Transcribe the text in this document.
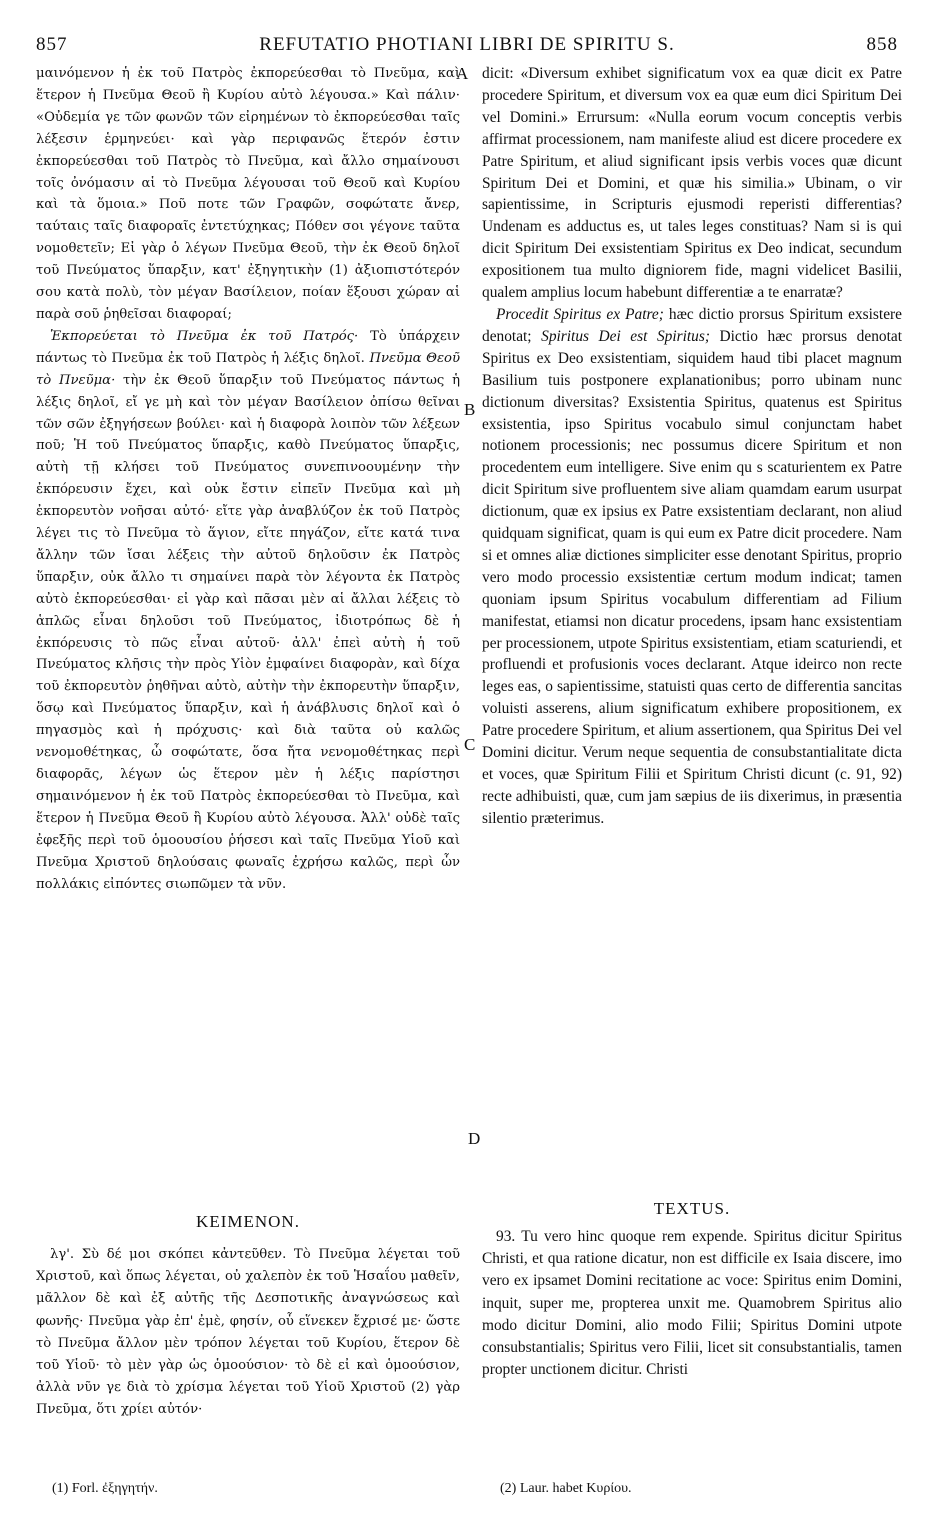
857	REFUTATIO PHOTIANI LIBRI DE SPIRITU S.	858
A
B
C
D

μαινόμενον ἡ ἐκ τοῦ Πατρὸς ἐκπορεύεσθαι τὸ Πνεῦμα, καὶ ἕτερον ἡ Πνεῦμα Θεοῦ ἢ Κυρίου αὐτὸ λέγουσα.» Καὶ πάλιν· «Οὐδεμία γε τῶν φωνῶν τῶν εἰρημένων τὸ ἐκπορεύεσθαι ταῖς λέξεσιν ἑρμηνεύει· καὶ γὰρ περιφανῶς ἕτερόν ἐστιν ἐκπορεύεσθαι τοῦ Πατρὸς τὸ Πνεῦμα, καὶ ἄλλο σημαίνουσι τοῖς ὀνόμασιν αἱ τὸ Πνεῦμα λέγουσαι τοῦ Θεοῦ καὶ Κυρίου καὶ τὰ ὅμοια.» Ποῦ ποτε τῶν Γραφῶν, σοφώτατε ἄνερ, ταύταις ταῖς διαφοραῖς ἐντετύχηκας; Πόθεν σοι γέγονε ταῦτα νομοθετεῖν; Εἰ γὰρ ὁ λέγων Πνεῦμα Θεοῦ, τὴν ἐκ Θεοῦ δηλοῖ τοῦ Πνεύματος ὕπαρξιν, κατ' ἐξηγητικὴν (1) ἀξιοπιστότερόν σου κατὰ πολὺ, τὸν μέγαν Βασίλειον, ποίαν ἕξουσι χώραν αἱ παρὰ σοῦ ῥηθεῖσαι διαφοραί;

Ἐκπορεύεται τὸ Πνεῦμα ἐκ τοῦ Πατρός· Τὸ ὑπάρχειν πάντως τὸ Πνεῦμα ἐκ τοῦ Πατρὸς ἡ λέξις δηλοῖ. Πνεῦμα Θεοῦ τὸ Πνεῦμα· τὴν ἐκ Θεοῦ ὕπαρξιν τοῦ Πνεύματος πάντως ἡ λέξις δηλοῖ, εἴ γε μὴ καὶ τὸν μέγαν Βασίλειον ὀπίσω θεῖναι τῶν σῶν ἐξηγήσεων βούλει· καὶ ἡ διαφορὰ λοιπὸν τῶν λέξεων ποῦ; Ἡ τοῦ Πνεύματος ὕπαρξις, καθὸ Πνεύματος ὕπαρξις, αὐτὴ τῇ κλήσει τοῦ Πνεύματος συνεπινοουμένην τὴν ἐκπόρευσιν ἔχει, καὶ οὐκ ἔστιν εἰπεῖν Πνεῦμα καὶ μὴ ἐκπορευτὸν νοῆσαι αὐτό· εἴτε γὰρ ἀναβλύζον ἐκ τοῦ Πατρὸς λέγει τις τὸ Πνεῦμα τὸ ἅγιον, εἴτε πηγάζον, εἴτε κατά τινα ἄλλην τῶν ἴσαι λέξεις τὴν αὐτοῦ δηλοῦσιν ἐκ Πατρὸς ὕπαρξιν, οὐκ ἄλλο τι σημαίνει παρὰ τὸν λέγοντα ἐκ Πατρὸς αὐτὸ ἐκπορεύεσθαι· εἰ γὰρ καὶ πᾶσαι μὲν αἱ ἄλλαι λέξεις τὸ ἁπλῶς εἶναι δηλοῦσι τοῦ Πνεύματος, ἰδιοτρόπως δὲ ἡ ἐκπόρευσις τὸ πῶς εἶναι αὐτοῦ· ἀλλ' ἐπεὶ αὐτὴ ἡ τοῦ Πνεύματος κλῆσις τὴν πρὸς Υἱὸν ἐμφαίνει διαφορὰν, καὶ δίχα τοῦ ἐκπορευτὸν ῥηθῆναι αὐτὸ, αὐτὴν τὴν ἐκπορευτὴν ὕπαρξιν, ὅσῳ καὶ Πνεύματος ὕπαρξιν, καὶ ἡ ἀνάβλυσις δηλοῖ καὶ ὁ πηγασμὸς καὶ ἡ πρόχυσις· καὶ διὰ ταῦτα οὐ καλῶς νενομοθέτηκας, ὦ σοφώτατε, ὅσα ἤτα νενομοθέτηκας περὶ διαφορᾶς, λέγων ὡς ἕτερον μὲν ἡ λέξις παρίστησι σημαινόμενον ἡ ἐκ τοῦ Πατρὸς ἐκπορεύεσθαι τὸ Πνεῦμα, καὶ ἕτερον ἡ Πνεῦμα Θεοῦ ἢ Κυρίου αὐτὸ λέγουσα. Ἀλλ' οὐδὲ ταῖς ἐφεξῆς περὶ τοῦ ὁμοουσίου ῥήσεσι καὶ ταῖς Πνεῦμα Υἱοῦ καὶ Πνεῦμα Χριστοῦ δηλούσαις φωναῖς ἐχρήσω καλῶς, περὶ ὧν πολλάκις εἰπόντες σιωπῶμεν τὰ νῦν.

dicit: «Diversum exhibet significatum vox ea quæ dicit ex Patre procedere Spiritum, et diversum vox ea quæ eum dici Spiritum Dei vel Domini.» Errursum: «Nulla eorum vocum conceptis verbis affirmat processionem, nam manifeste aliud est dicere procedere ex Patre Spiritum, et aliud significant ipsis verbis voces quæ dicunt Spiritum Dei et Domini, et quæ his similia.» Ubinam, o vir sapientissime, in Scripturis ejusmodi reperisti differentias? Undenam es adductus es, ut tales leges constituas? Nam si is qui dicit Spiritum Dei exsistentiam Spiritus ex Deo indicat, secundum expositionem tua multo digniorem fide, magni videlicet Basilii, qualem amplius locum habebunt differentiæ a te enarratæ?

Procedit Spiritus ex Patre; hæc dictio prorsus Spiritum exsistere denotat; Spiritus Dei est Spiritus; Dictio hæc prorsus denotat Spiritus ex Deo exsistentiam, siquidem haud tibi placet magnum Basilium tuis postponere explanationibus; porro ubinam nunc dictionum diversitas? Exsistentia Spiritus, quatenus est Spiritus exsistentia, ipso Spiritus vocabulo simul conjunctam habet notionem processionis; nec possumus dicere Spiritum et non procedentem eum intelligere. Sive enim qu s scaturientem ex Patre dicit Spiritum sive profluentem sive aliam quamdam earum usurpat dictionum, quæ ex ipsius ex Patre exsistentiam declarant, non aliud quidquam significat, quam is qui eum ex Patre dicit procedere. Nam si et omnes aliæ dictiones simpliciter esse denotant Spiritus, proprio vero modo processio exsistentiæ certum modum indicat; tamen quoniam ipsum Spiritus vocabulum differentiam ad Filium manifestat, etiamsi non dicatur procedens, ipsam hanc exsistentiam per processionem, utpote Spiritus exsistentiam, etiam scaturiendi, et profluendi et profusionis voces declarant. Atque ideirco non recte leges eas, o sapientissime, statuisti quas certo de differentia sancitas voluisti asserens, alium significatum exhibere propositionem, ex Patre procedere Spiritum, et alium assertionem, qua Spiritus Dei vel Domini dicitur. Verum neque sequentia de consubstantialitate dicta et voces, quæ Spiritum Filii et Spiritum Christi dicunt (c. 91, 92) recte adhibuisti, quæ, cum jam sæpius de iis dixerimus, in præsentia silentio præterimus.

ΚΕΙΜΕΝΟΝ.
TEXTUS.

λγ'. Σὺ δέ μοι σκόπει κἀντεῦθεν. Τὸ Πνεῦμα λέγεται τοῦ Χριστοῦ, καὶ ὅπως λέγεται, οὐ χαλεπὸν ἐκ τοῦ Ἡσαΐου μαθεῖν, μᾶλλον δὲ καὶ ἐξ αὐτῆς τῆς Δεσποτικῆς ἀναγνώσεως καὶ φωνῆς· Πνεῦμα γὰρ ἐπ' ἐμὲ, φησίν, οὗ εἵνεκεν ἔχρισέ με· ὥστε τὸ Πνεῦμα ἄλλον μὲν τρόπον λέγεται τοῦ Κυρίου, ἕτερον δὲ τοῦ Υἱοῦ· τὸ μὲν γὰρ ὡς ὁμοούσιον· τὸ δὲ εἰ καὶ ὁμοούσιον, ἀλλὰ νῦν γε διὰ τὸ χρίσμα λέγεται τοῦ Υἱοῦ Χριστοῦ (2) γὰρ Πνεῦμα, ὅτι χρίει αὐτόν·

93. Tu vero hinc quoque rem expende. Spiritus dicitur Spiritus Christi, et qua ratione dicatur, non est difficile ex Isaia discere, imo vero ex ipsamet Domini recitatione ac voce: Spiritus enim Domini, inquit, super me, propterea unxit me. Quamobrem Spiritus alio modo dicitur Domini, alio modo Filii; Spiritus Domini utpote consubstantialis; Spiritus vero Filii, licet sit consubstantialis, tamen propter unctionem dicitur. Christi

(1) Forl. ἐξηγητήν.	(2) Laur. habet Κυρίου.
